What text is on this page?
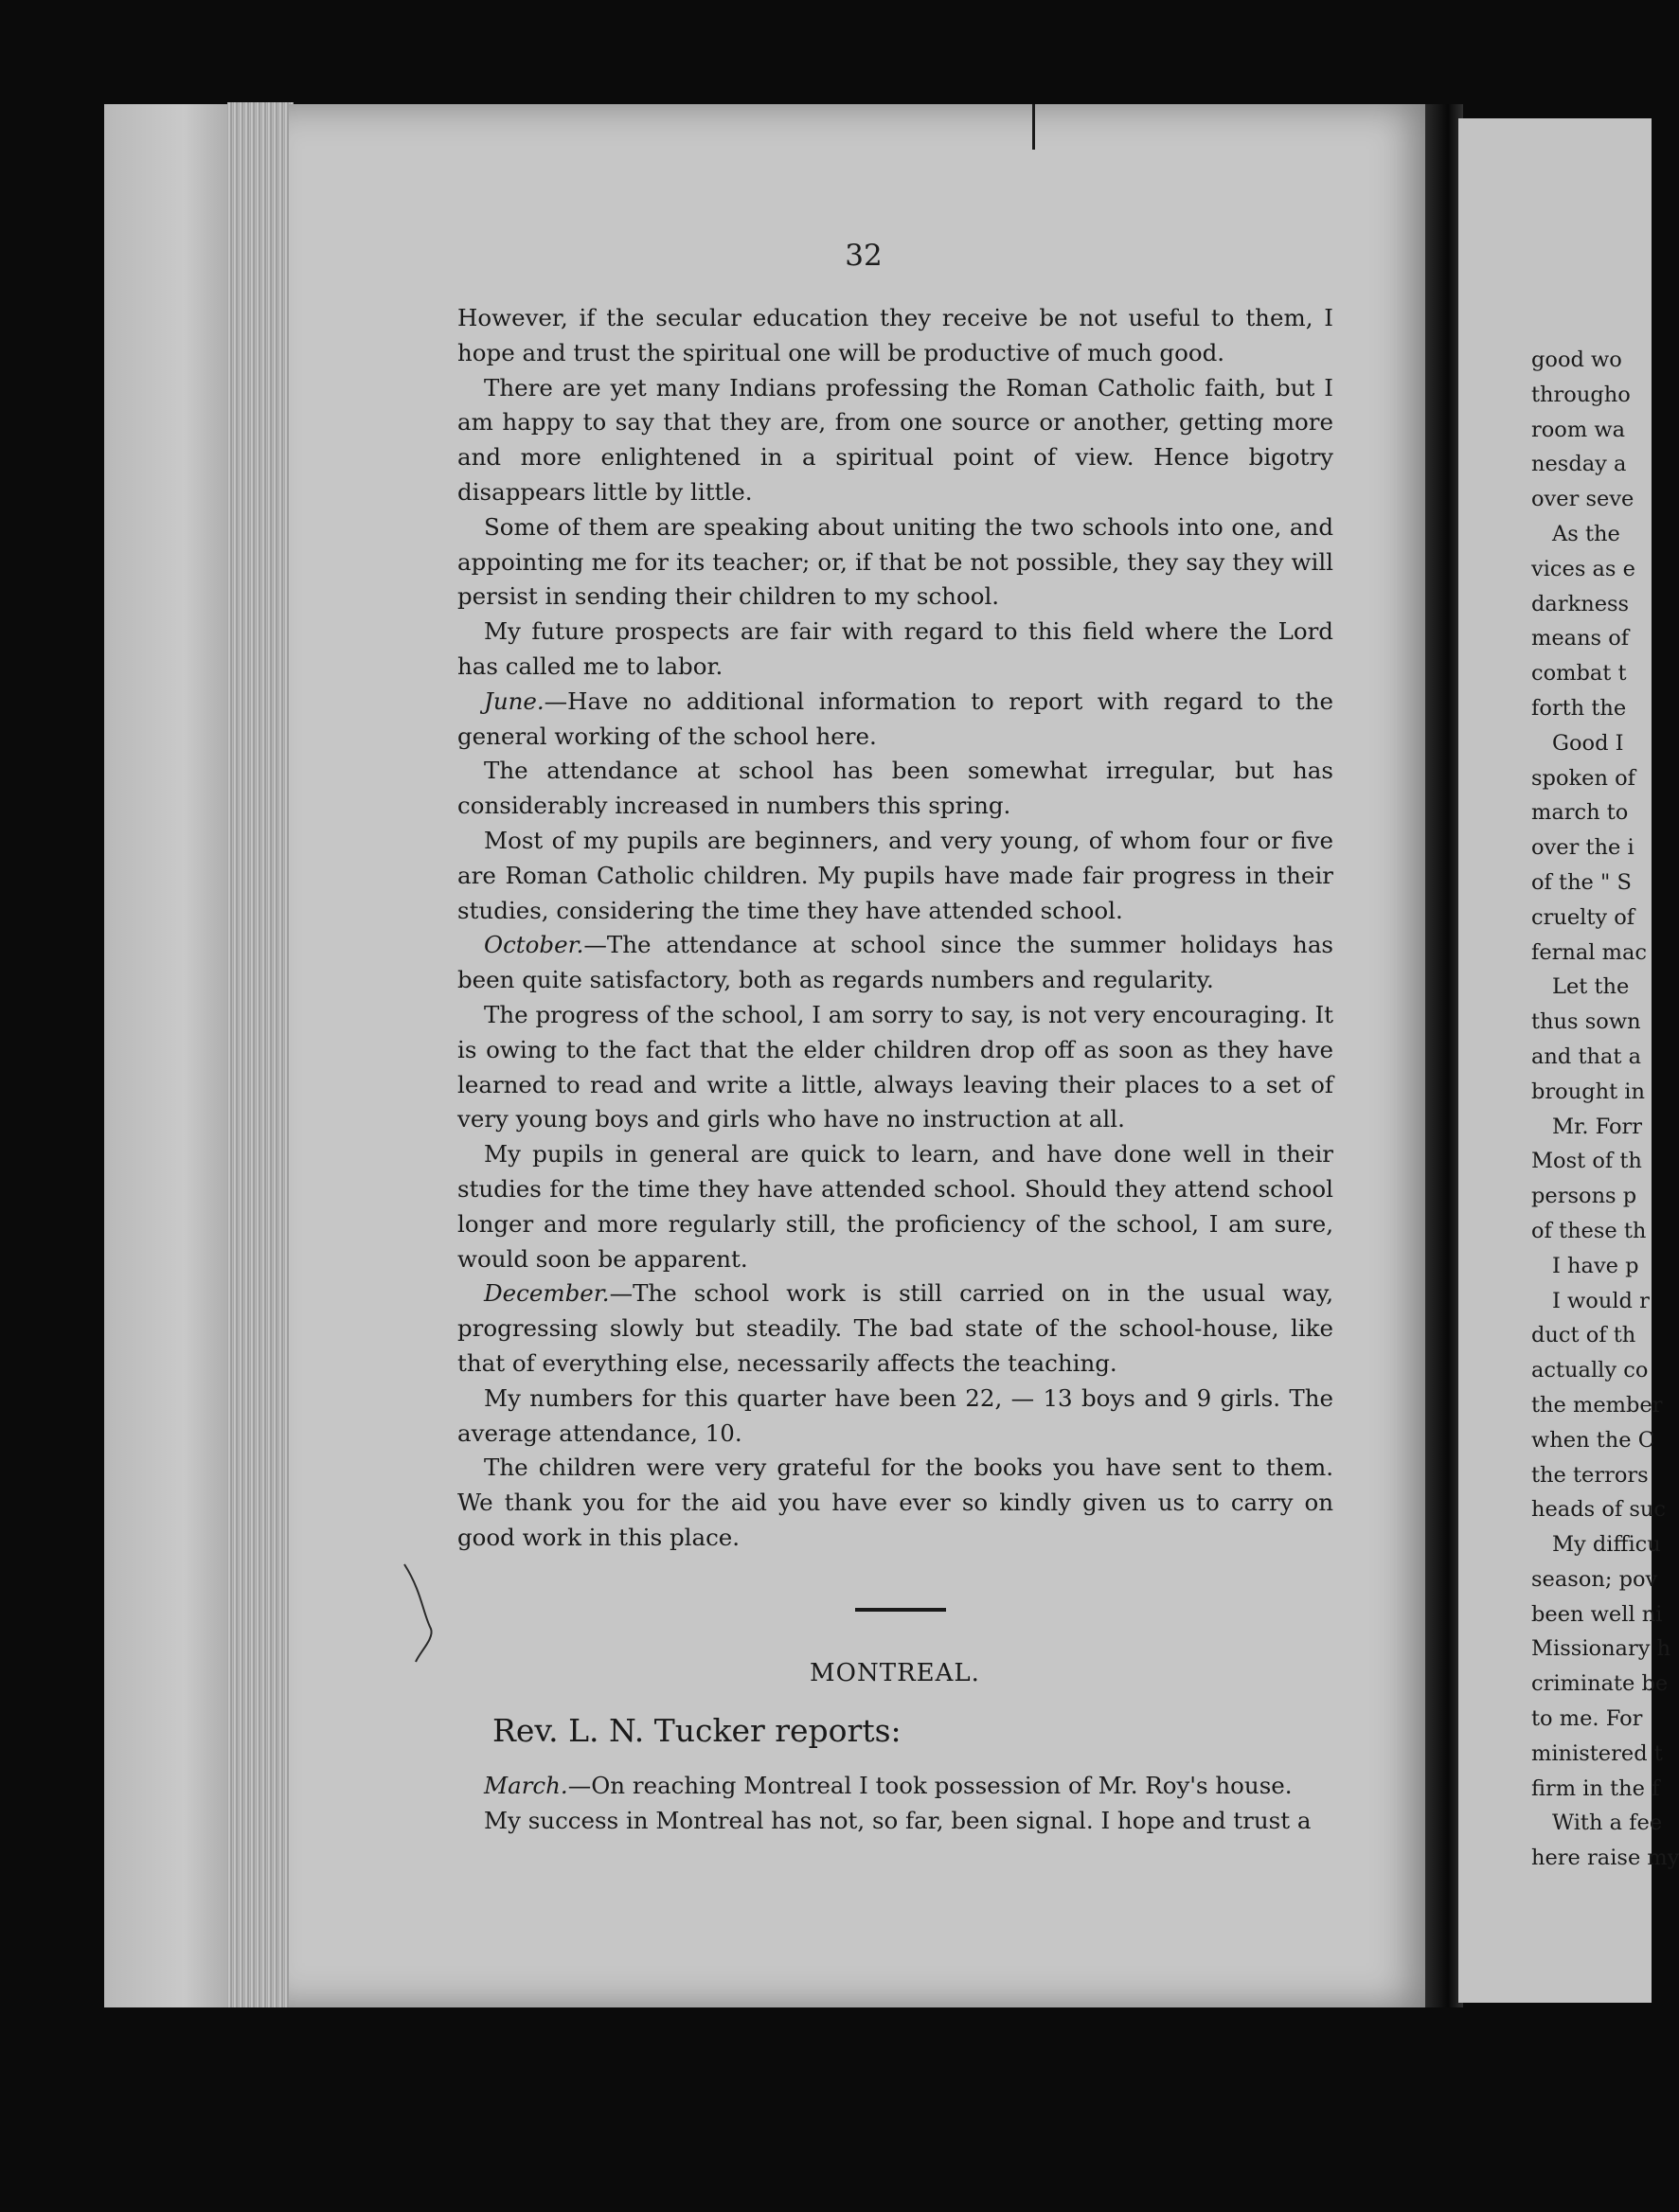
32

However, if the secular education they receive be not useful to them, I hope and trust the spiritual one will be productive of much good.

There are yet many Indians professing the Roman Catholic faith, but I am happy to say that they are, from one source or another, getting more and more enlightened in a spiritual point of view. Hence bigotry disappears little by little.

Some of them are speaking about uniting the two schools into one, and appointing me for its teacher; or, if that be not possible, they say they will persist in sending their children to my school.

My future prospects are fair with regard to this field where the Lord has called me to labor.

June.—Have no additional information to report with regard to the general working of the school here.

The attendance at school has been somewhat irregular, but has considerably increased in numbers this spring.

Most of my pupils are beginners, and very young, of whom four or five are Roman Catholic children. My pupils have made fair progress in their studies, considering the time they have attended school.

October.—The attendance at school since the summer holidays has been quite satisfactory, both as regards numbers and regularity.

The progress of the school, I am sorry to say, is not very encouraging. It is owing to the fact that the elder children drop off as soon as they have learned to read and write a little, always leaving their places to a set of very young boys and girls who have no instruction at all.

My pupils in general are quick to learn, and have done well in their studies for the time they have attended school. Should they attend school longer and more regularly still, the proficiency of the school, I am sure, would soon be apparent.

December.—The school work is still carried on in the usual way, progressing slowly but steadily. The bad state of the school-house, like that of everything else, necessarily affects the teaching.

My numbers for this quarter have been 22, — 13 boys and 9 girls. The average attendance, 10.

The children were very grateful for the books you have sent to them. We thank you for the aid you have ever so kindly given us to carry on good work in this place.

MONTREAL.
Rev. L. N. Tucker reports:

March.—On reaching Montreal I took possession of Mr. Roy's house.

My success in Montreal has not, so far, been signal. I hope and trust a

good wo
througho
room wa
nesday a
over seve
As the
vices as e
darkness
means of
combat t
forth the
Good I
spoken of
march to
over the i
of the " S
cruelty of
fernal mac
Let the
thus sown
and that a
brought in
Mr. Forr
Most of th
persons p
of these th
I have p
I would r
duct of th
actually co
the member
when the C
the terrors
heads of suc
My difficu
season; pov
been well ni
Missionary h
criminate be
to me. For
ministered t
firm in the f
With a fee
here raise my
